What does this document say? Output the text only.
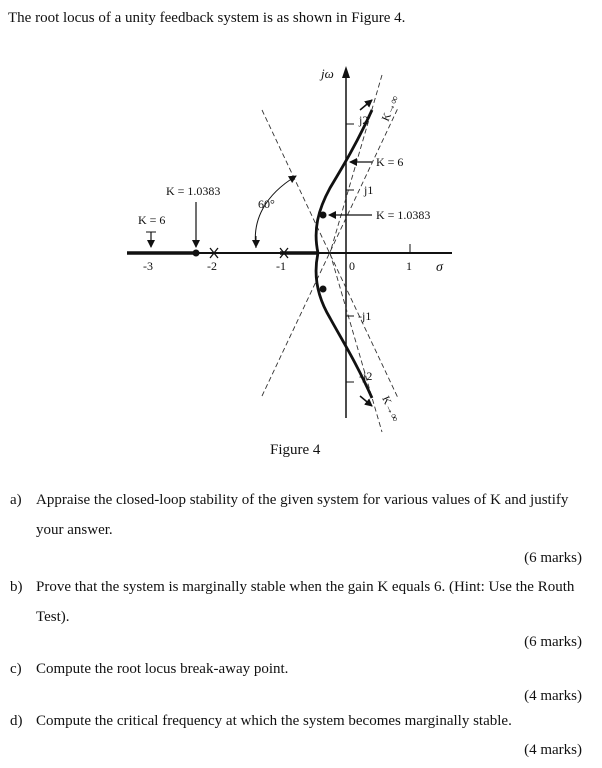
The root locus of a unity feedback system is as shown in Figure 4.
-3	-2	-1	0	1 σ
jω
j2
j1
-j1
-j2
K = 6
K = 1.0383
60°
K = 6
K = 1.0383
K→∞
K→∞
Figure 4
a) Appraise the closed-loop stability of the given system for various values of K and justify your answer.
(6 marks)
b) Prove that the system is marginally stable when the gain K equals 6. (Hint: Use the Routh Test).
(6 marks)
c) Compute the root locus break-away point.
(4 marks)
d) Compute the critical frequency at which the system becomes marginally stable.
(4 marks)
